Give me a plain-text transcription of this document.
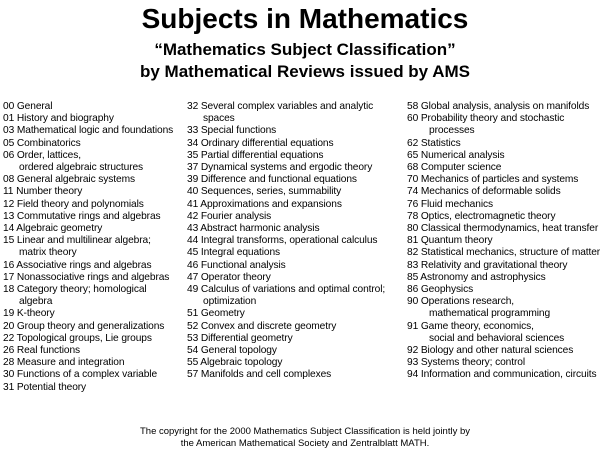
Subjects in Mathematics
“Mathematics Subject Classification”
by Mathematical Reviews issued by AMS
00 General
01 History and biography
03 Mathematical logic and foundations
05 Combinatorics
06 Order, lattices,
ordered algebraic structures
08 General algebraic systems
11 Number theory
12 Field theory and polynomials
13 Commutative rings and algebras
14 Algebraic geometry
15 Linear and multilinear algebra;
matrix theory
16 Associative rings and algebras
17 Nonassociative rings and algebras
18 Category theory; homological
algebra
19 K-theory
20 Group theory and generalizations
22 Topological groups, Lie groups
26 Real functions
28 Measure and integration
30 Functions of a complex variable
31 Potential theory
32 Several complex variables and analytic
spaces
33 Special functions
34 Ordinary differential equations
35 Partial differential equations
37 Dynamical systems and ergodic theory
39 Difference and functional equations
40 Sequences, series, summability
41 Approximations and expansions
42 Fourier analysis
43 Abstract harmonic analysis
44 Integral transforms, operational calculus
45 Integral equations
46 Functional analysis
47 Operator theory
49 Calculus of variations and optimal control;
optimization
51 Geometry
52 Convex and discrete geometry
53 Differential geometry
54 General topology
55 Algebraic topology
57 Manifolds and cell complexes
58 Global analysis, analysis on manifolds
60 Probability theory and stochastic
processes
62 Statistics
65 Numerical analysis
68 Computer science
70 Mechanics of particles and systems
74 Mechanics of deformable solids
76 Fluid mechanics
78 Optics, electromagnetic theory
80 Classical thermodynamics, heat transfer
81 Quantum theory
82 Statistical mechanics, structure of matter
83 Relativity and gravitational theory
85 Astronomy and astrophysics
86 Geophysics
90 Operations research,
mathematical programming
91 Game theory, economics,
social and behavioral sciences
92 Biology and other natural sciences
93 Systems theory; control
94 Information and communication, circuits
The copyright for the 2000 Mathematics Subject Classification is held jointly by
the American Mathematical Society and Zentralblatt MATH.
